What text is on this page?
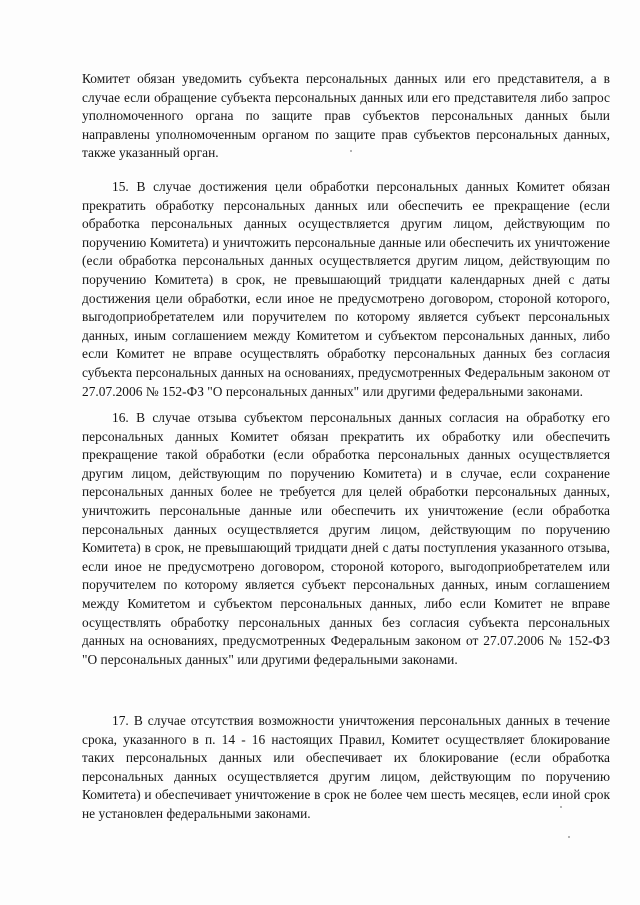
Комитет обязан уведомить субъекта персональных данных или его представителя, а в случае если обращение субъекта персональных данных или его представителя либо запрос уполномоченного органа по защите прав субъектов персональных данных были направлены уполномоченным органом по защите прав субъектов персональных данных, также указанный орган.

15. В случае достижения цели обработки персональных данных Комитет обязан прекратить обработку персональных данных или обеспечить ее прекращение (если обработка персональных данных осуществляется другим лицом, действующим по поручению Комитета) и уничтожить персональные данные или обеспечить их уничтожение (если обработка персональных данных осуществляется другим лицом, действующим по поручению Комитета) в срок, не превышающий тридцати календарных дней с даты достижения цели обработки, если иное не предусмотрено договором, стороной которого, выгодоприобретателем или поручителем по которому является субъект персональных данных, иным соглашением между Комитетом и субъектом персональных данных, либо если Комитет не вправе осуществлять обработку персональных данных без согласия субъекта персональных данных на основаниях, предусмотренных Федеральным законом от 27.07.2006 № 152-ФЗ "О персональных данных" или другими федеральными законами.

16. В случае отзыва субъектом персональных данных согласия на обработку его персональных данных Комитет обязан прекратить их обработку или обеспечить прекращение такой обработки (если обработка персональных данных осуществляется другим лицом, действующим по поручению Комитета) и в случае, если сохранение персональных данных более не требуется для целей обработки персональных данных, уничтожить персональные данные или обеспечить их уничтожение (если обработка персональных данных осуществляется другим лицом, действующим по поручению Комитета) в срок, не превышающий тридцати дней с даты поступления указанного отзыва, если иное не предусмотрено договором, стороной которого, выгодоприобретателем или поручителем по которому является субъект персональных данных, иным соглашением между Комитетом и субъектом персональных данных, либо если Комитет не вправе осуществлять обработку персональных данных без согласия субъекта персональных данных на основаниях, предусмотренных Федеральным законом от 27.07.2006 № 152-ФЗ "О персональных данных" или другими федеральными законами.

17. В случае отсутствия возможности уничтожения персональных данных в течение срока, указанного в п. 14 - 16 настоящих Правил, Комитет осуществляет блокирование таких персональных данных или обеспечивает их блокирование (если обработка персональных данных осуществляется другим лицом, действующим по поручению Комитета) и обеспечивает уничтожение в срок не более чем шесть месяцев, если иной срок не установлен федеральными законами.
